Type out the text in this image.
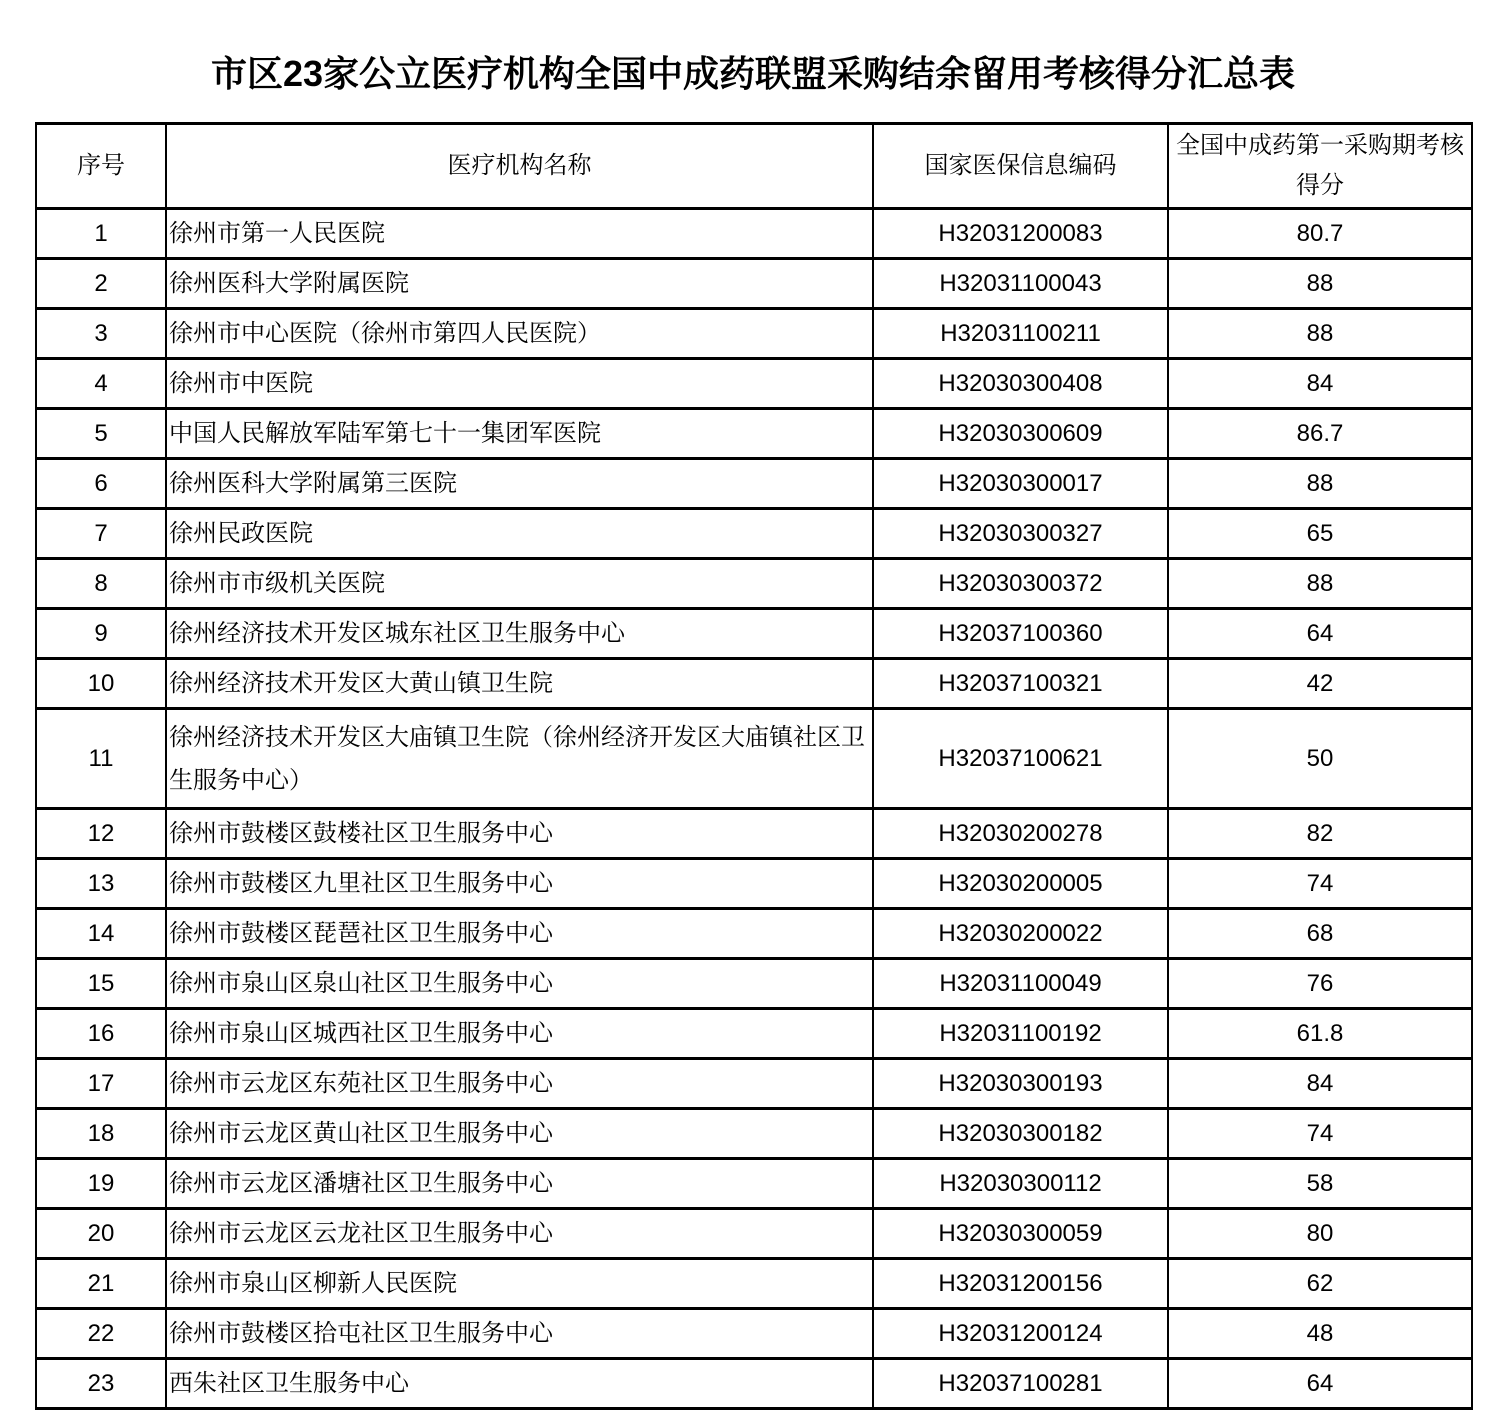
市区23家公立医疗机构全国中成药联盟采购结余留用考核得分汇总表
序号	医疗机构名称	国家医保信息编码	全国中成药第一采购期考核得分
1	徐州市第一人民医院	H32031200083	80.7
2	徐州医科大学附属医院	H32031100043	88
3	徐州市中心医院（徐州市第四人民医院）	H32031100211	88
4	徐州市中医院	H32030300408	84
5	中国人民解放军陆军第七十一集团军医院	H32030300609	86.7
6	徐州医科大学附属第三医院	H32030300017	88
7	徐州民政医院	H32030300327	65
8	徐州市市级机关医院	H32030300372	88
9	徐州经济技术开发区城东社区卫生服务中心	H32037100360	64
10	徐州经济技术开发区大黄山镇卫生院	H32037100321	42
11	徐州经济技术开发区大庙镇卫生院（徐州经济开发区大庙镇社区卫生服务中心）	H32037100621	50
12	徐州市鼓楼区鼓楼社区卫生服务中心	H32030200278	82
13	徐州市鼓楼区九里社区卫生服务中心	H32030200005	74
14	徐州市鼓楼区琵琶社区卫生服务中心	H32030200022	68
15	徐州市泉山区泉山社区卫生服务中心	H32031100049	76
16	徐州市泉山区城西社区卫生服务中心	H32031100192	61.8
17	徐州市云龙区东苑社区卫生服务中心	H32030300193	84
18	徐州市云龙区黄山社区卫生服务中心	H32030300182	74
19	徐州市云龙区潘塘社区卫生服务中心	H32030300112	58
20	徐州市云龙区云龙社区卫生服务中心	H32030300059	80
21	徐州市泉山区柳新人民医院	H32031200156	62
22	徐州市鼓楼区拾屯社区卫生服务中心	H32031200124	48
23	西朱社区卫生服务中心	H32037100281	64
